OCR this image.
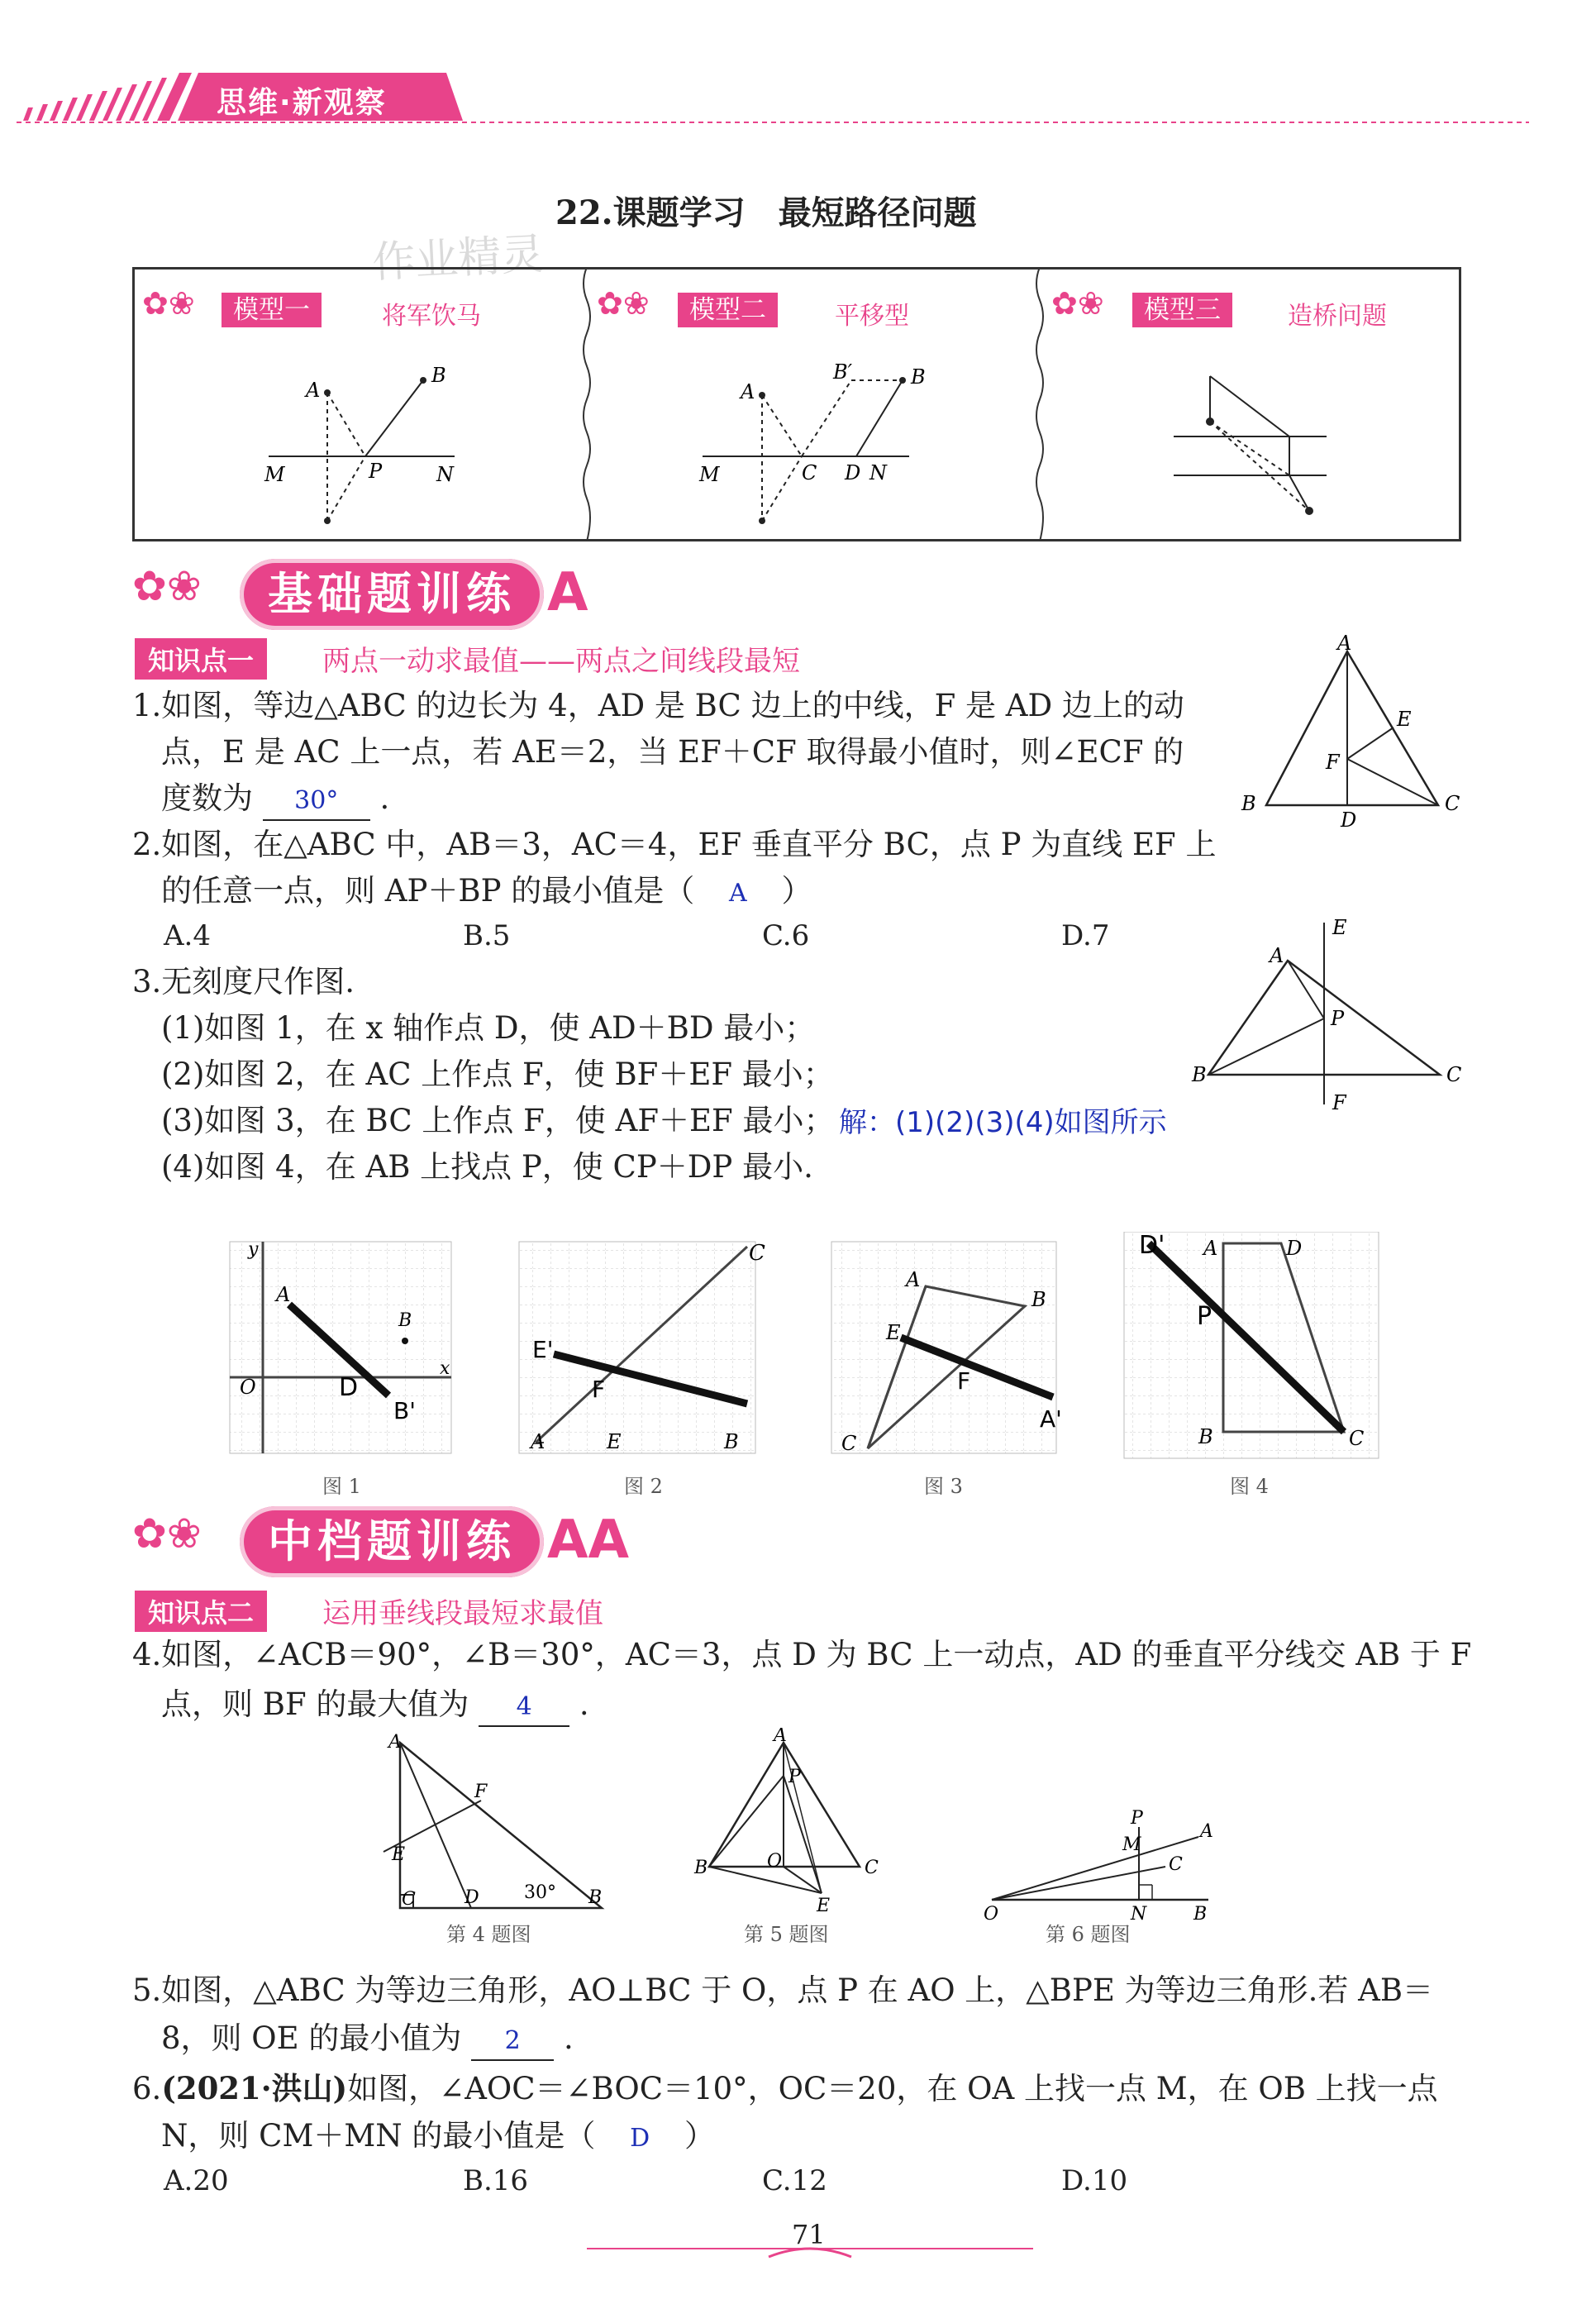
思维·新观察
22.课题学习　最短路径问题
作业精灵
✿❀	✿❀	✿❀
模型一	将军饮马	模型二	平移型	模型三	造桥问题
A
B
M	P	N
A
B′	B
M	C D N
✿❀	基础题训练 A
知识点一	两点一动求最值——两点之间线段最短
1.如图，等边△ABC 的边长为 4，AD 是 BC 边上的中线，F 是 AD 边上的动
点，E 是 AC 上一点，若 AE＝2，当 EF＋CF 取得最小值时，则∠ECF 的
度数为 30° .
A
E
F
B
D
C
2.如图，在△ABC 中，AB＝3，AC＝4，EF 垂直平分 BC，点 P 为直线 EF 上
的任意一点，则 AP＋BP 的最小值是（ A ）
A.4	B.5	C.6	D.7	E
A
P
B	C
F
3.无刻度尺作图.
(1)如图 1，在 x 轴作点 D，使 AD＋BD 最小；
(2)如图 2，在 AC 上作点 F，使 BF＋EF 最小；
(3)如图 3，在 BC 上作点 F，使 AF＋EF 最小； 解：(1)(2)(3)(4)如图所示
(4)如图 4，在 AB 上找点 P，使 CP＋DP 最小.
y
A
B
O
x
D
B'
C
E'
F
E	B
A
A
B
E
F
A'
C
D' A	D
P
B	C
图 1	图 2	图 3	图 4
✿❀	中档题训练 AA
知识点二	运用垂线段最短求最值
4.如图，∠ACB＝90°，∠B＝30°，AC＝3，点 D 为 BC 上一动点，AD 的垂直平分线交 AB 于 F
点，则 BF 的最大值为 4 .
A
F
E
C	D 30° B
A
P
O
B	C
E
P
M
A
C
O	N	B
第 4 题图	第 5 题图	第 6 题图
5.如图，△ABC 为等边三角形，AO⊥BC 于 O，点 P 在 AO 上，△BPE 为等边三角形.若 AB＝
8，则 OE 的最小值为 2 .
6.(2021·洪山)如图，∠AOC＝∠BOC＝10°，OC＝20，在 OA 上找一点 M，在 OB 上找一点
N，则 CM＋MN 的最小值是（ D ）
A.20	B.16	C.12	D.10
71
